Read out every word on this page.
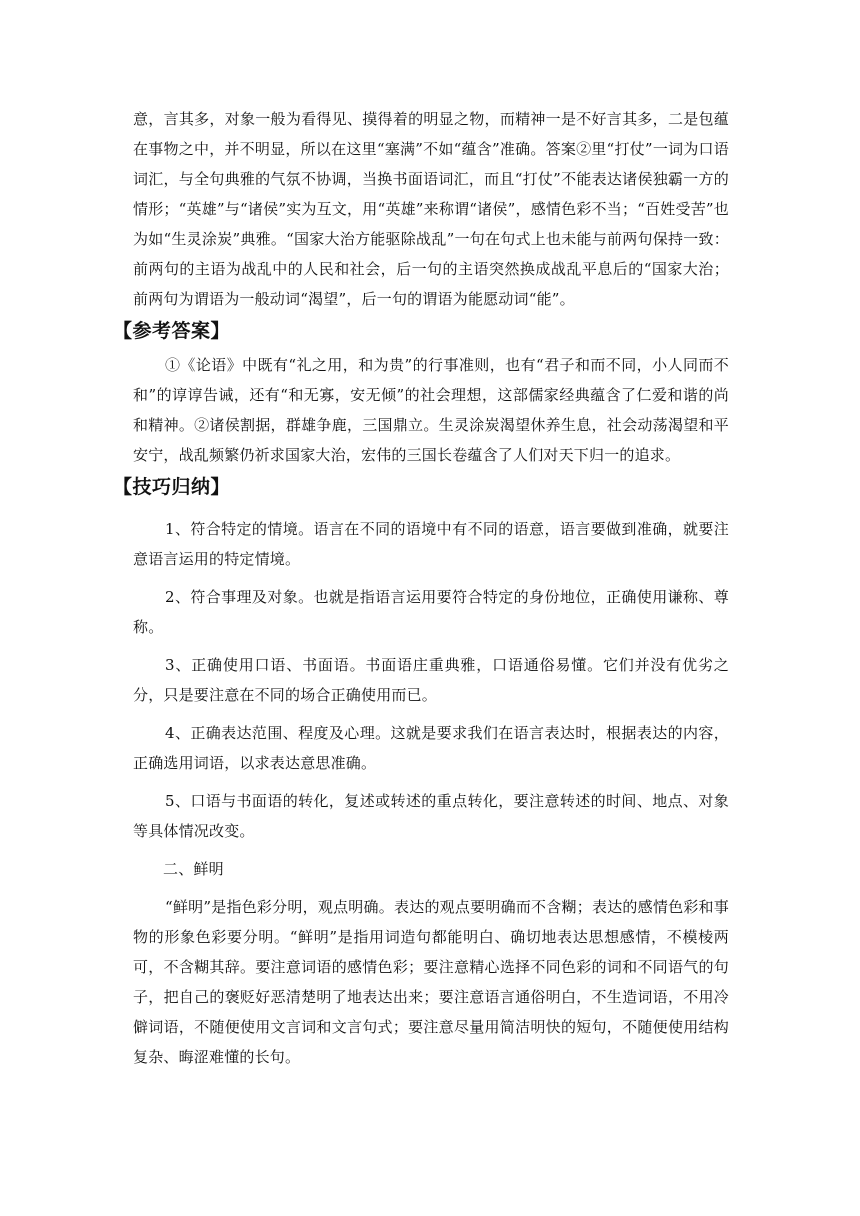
意，言其多，对象一般为看得见、摸得着的明显之物，而精神一是不好言其多，二是包蕴在事物之中，并不明显，所以在这里“塞满”不如“蕴含”准确。答案②里“打仗”一词为口语词汇，与全句典雅的气氛不协调，当换书面语词汇，而且“打仗”不能表达诸侯独霸一方的情形；“英雄”与“诸侯”实为互文，用“英雄”来称谓“诸侯”，感情色彩不当；“百姓受苦”也为如“生灵涂炭”典雅。“国家大治方能驱除战乱”一句在句式上也未能与前两句保持一致：前两句的主语为战乱中的人民和社会，后一句的主语突然换成战乱平息后的“国家大治；前两句为谓语为一般动词“渴望”，后一句的谓语为能愿动词“能”。

【参考答案】

①《论语》中既有“礼之用，和为贵”的行事准则，也有“君子和而不同，小人同而不和”的谆谆告诫，还有“和无寡，安无倾”的社会理想，这部儒家经典蕴含了仁爱和谐的尚和精神。②诸侯割据，群雄争鹿，三国鼎立。生灵涂炭渴望休养生息，社会动荡渴望和平安宁，战乱频繁仍祈求国家大治，宏伟的三国长卷蕴含了人们对天下归一的追求。

【技巧归纳】

1、符合特定的情境。语言在不同的语境中有不同的语意，语言要做到准确，就要注意语言运用的特定情境。

2、符合事理及对象。也就是指语言运用要符合特定的身份地位，正确使用谦称、尊称。

3、正确使用口语、书面语。书面语庄重典雅，口语通俗易懂。它们并没有优劣之分，只是要注意在不同的场合正确使用而已。

4、正确表达范围、程度及心理。这就是要求我们在语言表达时，根据表达的内容，正确选用词语，以求表达意思准确。

5、口语与书面语的转化，复述或转述的重点转化，要注意转述的时间、地点、对象等具体情况改变。

二、鲜明

“鲜明”是指色彩分明，观点明确。表达的观点要明确而不含糊；表达的感情色彩和事物的形象色彩要分明。“鲜明”是指用词造句都能明白、确切地表达思想感情，不模棱两可，不含糊其辞。要注意词语的感情色彩；要注意精心选择不同色彩的词和不同语气的句子，把自己的褒贬好恶清楚明了地表达出来；要注意语言通俗明白，不生造词语，不用冷僻词语，不随便使用文言词和文言句式；要注意尽量用简洁明快的短句，不随便使用结构复杂、晦涩难懂的长句。
